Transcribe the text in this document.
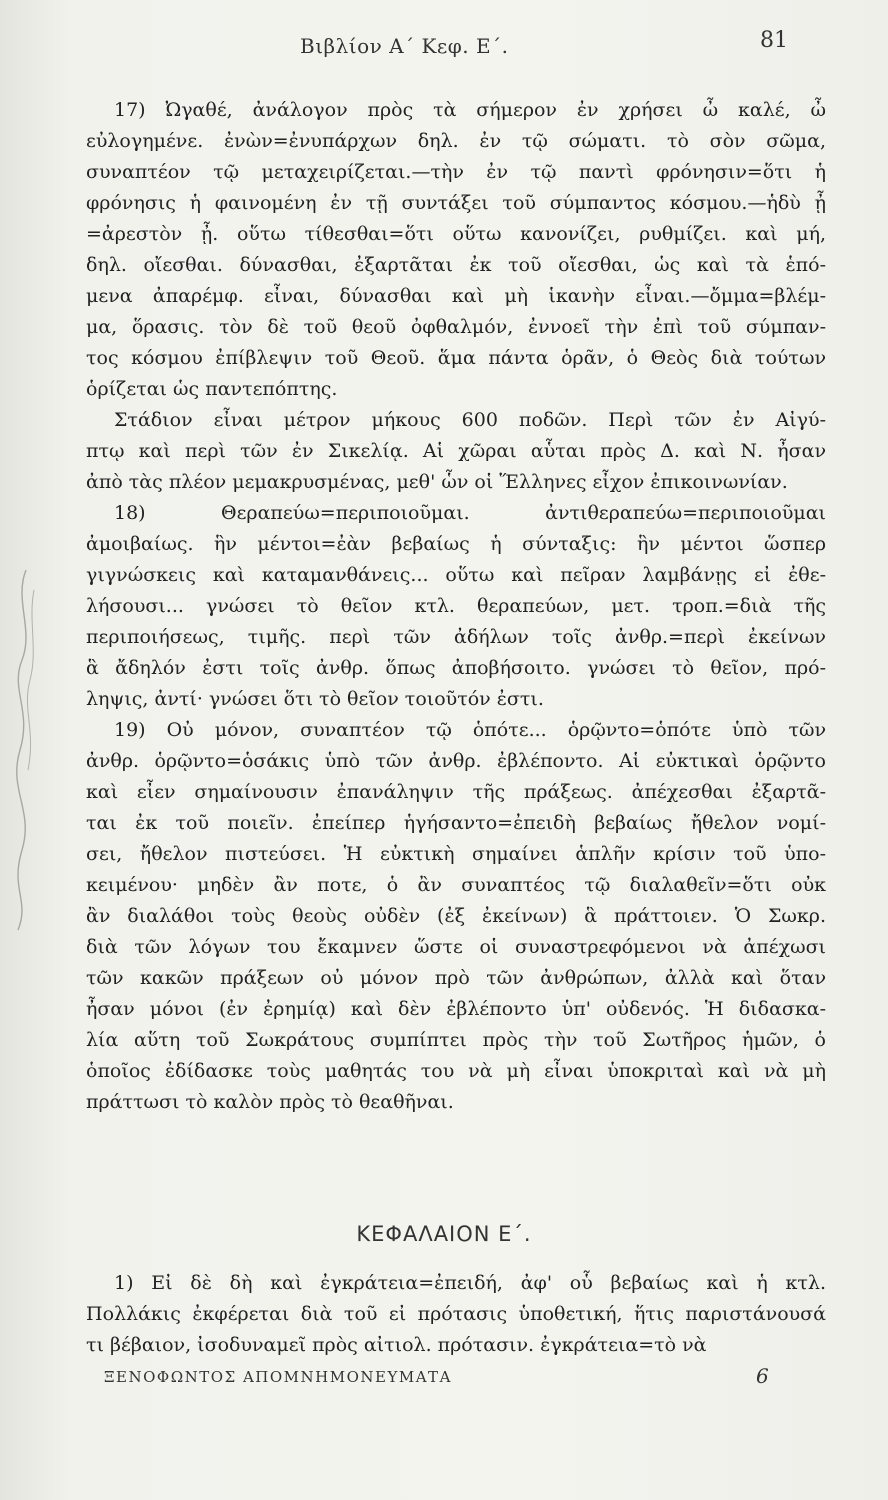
Βιβλίον Α΄ Κεφ. Ε΄.	81
17) Ὠγαθέ, ἀνάλογον πρὸς τὰ σήμερον ἐν χρήσει ὦ καλέ, ὦ
εὐλογημένε. ἐνὼν=ἐνυπάρχων δηλ. ἐν τῷ σώματι. τὸ σὸν σῶμα,
συναπτέον τῷ μεταχειρίζεται.—τὴν ἐν τῷ παντὶ φρόνησιν=ὅτι ἡ
φρόνησις ἡ φαινομένη ἐν τῇ συντάξει τοῦ σύμπαντος κόσμου.—ἡδὺ ᾖ
=ἀρεστὸν ᾖ. οὕτω τίθεσθαι=ὅτι οὕτω κανονίζει, ρυθμίζει. καὶ μή,
δηλ. οἴεσθαι. δύνασθαι, ἐξαρτᾶται ἐκ τοῦ οἴεσθαι, ὡς καὶ τὰ ἑπό-
μενα ἀπαρέμφ. εἶναι, δύνασθαι καὶ μὴ ἱκανὴν εἶναι.—ὄμμα=βλέμ-
μα, ὅρασις. τὸν δὲ τοῦ θεοῦ ὀφθαλμόν, ἐννοεῖ τὴν ἐπὶ τοῦ σύμπαν-
τος κόσμου ἐπίβλεψιν τοῦ Θεοῦ. ἅμα πάντα ὁρᾶν, ὁ Θεὸς διὰ τούτων
ὁρίζεται ὡς παντεπόπτης.
Στάδιον εἶναι μέτρον μήκους 600 ποδῶν. Περὶ τῶν ἐν Αἰγύ-
πτῳ καὶ περὶ τῶν ἐν Σικελίᾳ. Αἱ χῶραι αὗται πρὸς Δ. καὶ Ν. ἦσαν
ἀπὸ τὰς πλέον μεμακρυσμένας, μεθ' ὧν οἱ Ἕλληνες εἶχον ἐπικοινωνίαν.
18) Θεραπεύω=περιποιοῦμαι. ἀντιθεραπεύω=περιποιοῦμαι
ἀμοιβαίως. ἣν μέντοι=ἐὰν βεβαίως ἡ σύνταξις: ἣν μέντοι ὥσπερ
γιγνώσκεις καὶ καταμανθάνεις... οὕτω καὶ πεῖραν λαμβάνῃς εἰ ἐθε-
λήσουσι... γνώσει τὸ θεῖον κτλ. θεραπεύων, μετ. τροπ.=διὰ τῆς
περιποιήσεως, τιμῆς. περὶ τῶν ἀδήλων τοῖς ἀνθρ.=περὶ ἐκείνων
ἃ ἄδηλόν ἐστι τοῖς ἀνθρ. ὅπως ἀποβήσοιτο. γνώσει τὸ θεῖον, πρό-
ληψις, ἀντί· γνώσει ὅτι τὸ θεῖον τοιοῦτόν ἐστι.
19) Οὐ μόνον, συναπτέον τῷ ὁπότε... ὁρῷντο=ὁπότε ὑπὸ τῶν
ἀνθρ. ὁρῷντο=ὁσάκις ὑπὸ τῶν ἀνθρ. ἐβλέποντο. Αἱ εὐκτικαὶ ὁρῷντο
καὶ εἶεν σημαίνουσιν ἐπανάληψιν τῆς πράξεως. ἀπέχεσθαι ἐξαρτᾶ-
ται ἐκ τοῦ ποιεῖν. ἐπείπερ ἡγήσαντο=ἐπειδὴ βεβαίως ἤθελον νομί-
σει, ἤθελον πιστεύσει. Ἡ εὐκτικὴ σημαίνει ἁπλῆν κρίσιν τοῦ ὑπο-
κειμένου· μηδὲν ἂν ποτε, ὁ ἂν συναπτέος τῷ διαλαθεῖν=ὅτι οὐκ
ἂν διαλάθοι τοὺς θεοὺς οὐδὲν (ἐξ ἐκείνων) ἃ πράττοιεν. Ὁ Σωκρ.
διὰ τῶν λόγων του ἔκαμνεν ὥστε οἱ συναστρεφόμενοι νὰ ἀπέχωσι
τῶν κακῶν πράξεων οὐ μόνον πρὸ τῶν ἀνθρώπων, ἀλλὰ καὶ ὅταν
ἦσαν μόνοι (ἐν ἐρημίᾳ) καὶ δὲν ἐβλέποντο ὑπ' οὐδενός. Ἡ διδασκα-
λία αὕτη τοῦ Σωκράτους συμπίπτει πρὸς τὴν τοῦ Σωτῆρος ἡμῶν, ὁ
ὁποῖος ἐδίδασκε τοὺς μαθητάς του νὰ μὴ εἶναι ὑποκριταὶ καὶ νὰ μὴ
πράττωσι τὸ καλὸν πρὸς τὸ θεαθῆναι.
ΚΕΦΑΛΑΙΟΝ Ε΄.
1) Εἰ δὲ δὴ καὶ ἐγκράτεια=ἐπειδή, ἀφ' οὗ βεβαίως καὶ ἡ κτλ.
Πολλάκις ἐκφέρεται διὰ τοῦ εἰ πρότασις ὑποθετική, ἥτις παριστάνουσά
τι βέβαιον, ἰσοδυναμεῖ πρὸς αἰτιολ. πρότασιν. ἐγκράτεια=τὸ νὰ
ΞΕΝΟΦΩΝΤΟΣ ΑΠΟΜΝΗΜΟΝΕΥΜΑΤΑ	6
